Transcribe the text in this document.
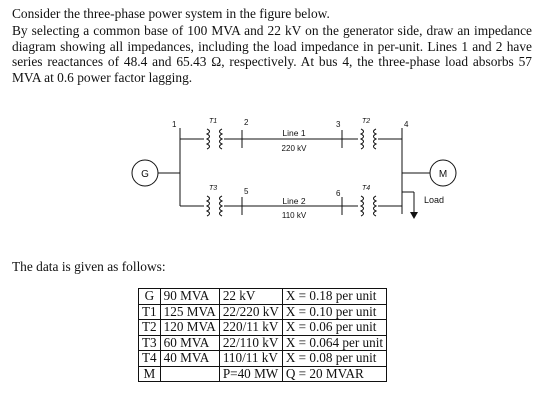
Consider the three-phase power system in the figure below.

By selecting a common base of 100 MVA and 22 kV on the generator side, draw an impedance diagram showing all impedances, including the load impedance in per-unit. Lines 1 and 2 have series reactances of 48.4 and 65.43 Ω, respectively. At bus 4, the three-phase load absorbs 57 MVA at 0.6 power factor lagging.

G	M
Load
1	2	3	4
5	6
T1	T2
T3	T4
Line 1
220 kV
Line 2
110 kV

The data is given as follows:

G	90 MVA	22 kV	X = 0.18 per unit
T1	125 MVA	22/220 kV	X = 0.10 per unit
T2	120 MVA	220/11 kV	X = 0.06 per unit
T3	60 MVA	22/110 kV	X = 0.064 per unit
T4	40 MVA	110/11 kV	X = 0.08 per unit
M		P=40 MW	Q = 20 MVAR
